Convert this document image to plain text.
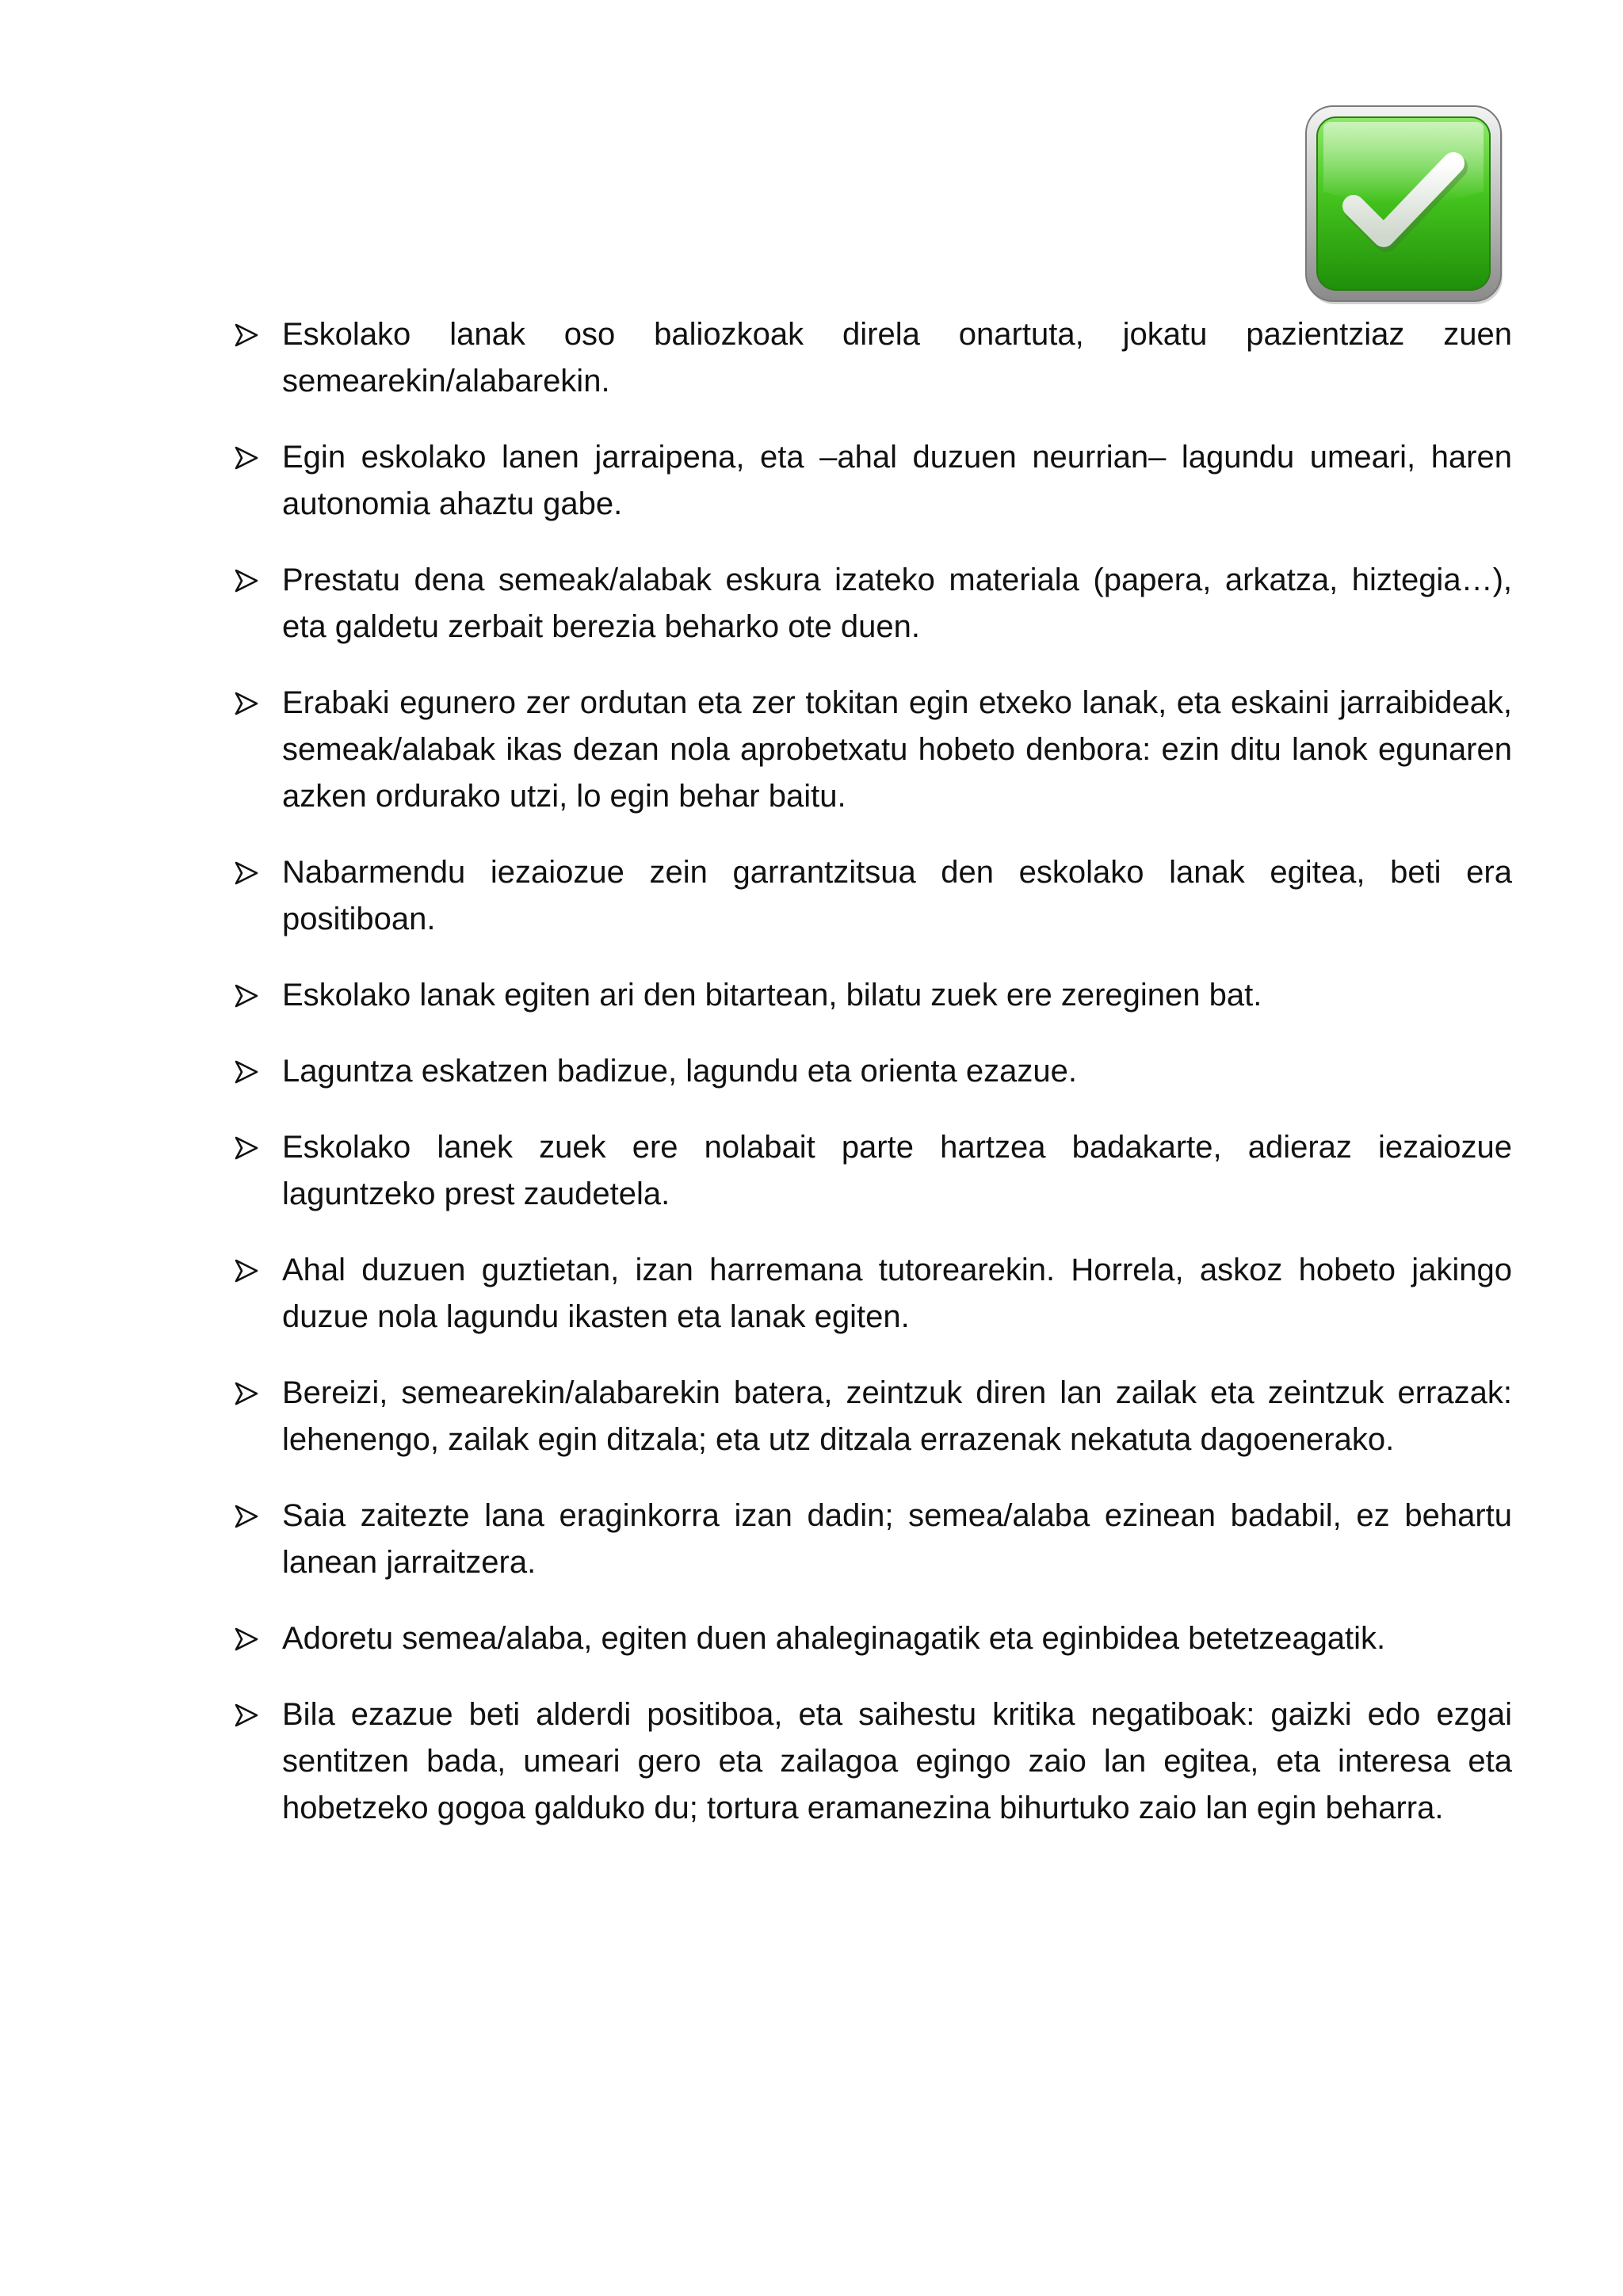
Eskolako lanak oso baliozkoak direla onartuta, jokatu pazientziaz zuen semearekin/alabarekin.
Egin eskolako lanen jarraipena, eta –ahal duzuen neurrian– lagundu umeari, haren autonomia ahaztu gabe.
Prestatu dena semeak/alabak eskura izateko materiala (papera, arkatza, hiztegia…), eta galdetu zerbait berezia beharko ote duen.
Erabaki egunero zer ordutan eta zer tokitan egin etxeko lanak, eta eskaini jarraibideak, semeak/alabak ikas dezan nola aprobetxatu hobeto denbora: ezin ditu lanok egunaren azken ordurako utzi, lo egin behar baitu.
Nabarmendu iezaiozue zein garrantzitsua den eskolako lanak egitea, beti era positiboan.
Eskolako lanak egiten ari den bitartean, bilatu zuek ere zereginen bat.
Laguntza eskatzen badizue, lagundu eta orienta ezazue.
Eskolako lanek zuek ere nolabait parte hartzea badakarte, adieraz iezaiozue laguntzeko prest zaudetela.
Ahal duzuen guztietan, izan harremana tutorearekin. Horrela, askoz hobeto jakingo duzue nola lagundu ikasten eta lanak egiten.
Bereizi, semearekin/alabarekin batera, zeintzuk diren lan zailak eta zeintzuk errazak: lehenengo, zailak egin ditzala; eta utz ditzala errazenak nekatuta dagoenerako.
Saia zaitezte lana eraginkorra izan dadin; semea/alaba ezinean badabil, ez behartu lanean jarraitzera.
Adoretu semea/alaba, egiten duen ahaleginagatik eta eginbidea betetzeagatik.
Bila ezazue beti alderdi positiboa, eta saihestu kritika negatiboak: gaizki edo ezgai sentitzen bada, umeari gero eta zailagoa egingo zaio lan egitea, eta interesa eta hobetzeko gogoa galduko du; tortura eramanezina bihurtuko zaio lan egin beharra.
